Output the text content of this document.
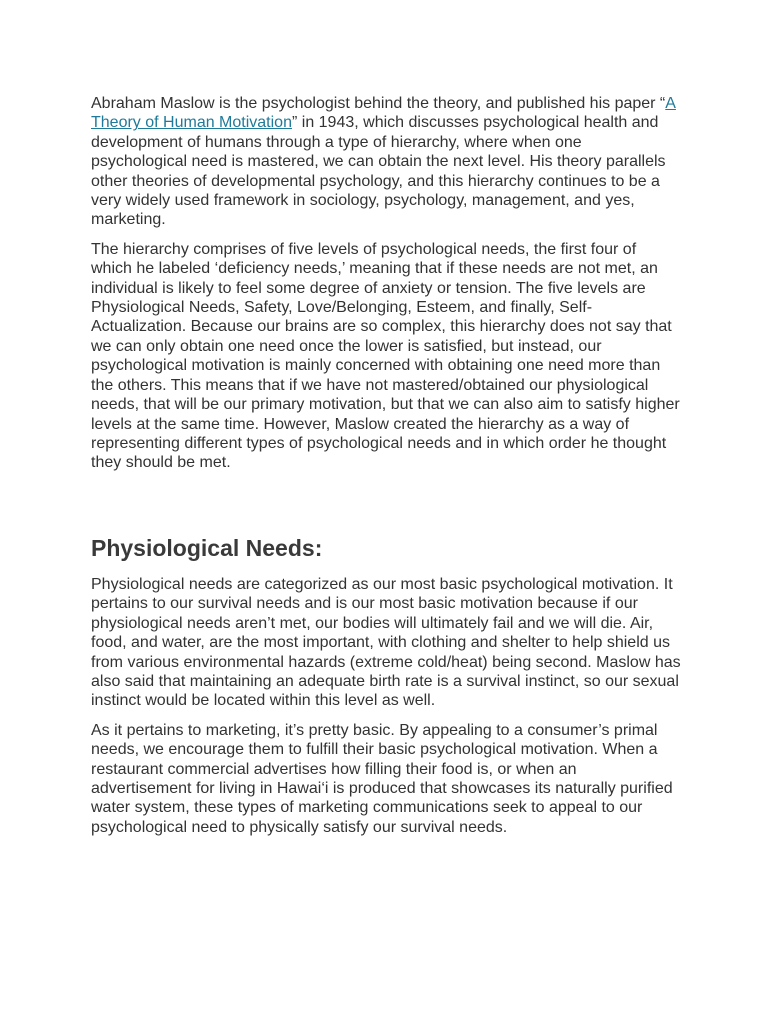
Abraham Maslow is the psychologist behind the theory, and published his paper “A Theory of Human Motivation” in 1943, which discusses psychological health and development of humans through a type of hierarchy, where when one psychological need is mastered, we can obtain the next level. His theory parallels other theories of developmental psychology, and this hierarchy continues to be a very widely used framework in sociology, psychology, management, and yes, marketing.

The hierarchy comprises of five levels of psychological needs, the first four of which he labeled ‘deficiency needs,’ meaning that if these needs are not met, an individual is likely to feel some degree of anxiety or tension. The five levels are Physiological Needs, Safety, Love/Belonging, Esteem, and finally, Self-Actualization. Because our brains are so complex, this hierarchy does not say that we can only obtain one need once the lower is satisfied, but instead, our psychological motivation is mainly concerned with obtaining one need more than the others. This means that if we have not mastered/obtained our physiological needs, that will be our primary motivation, but that we can also aim to satisfy higher levels at the same time. However, Maslow created the hierarchy as a way of representing different types of psychological needs and in which order he thought they should be met.

Physiological Needs:

Physiological needs are categorized as our most basic psychological motivation. It pertains to our survival needs and is our most basic motivation because if our physiological needs aren’t met, our bodies will ultimately fail and we will die. Air, food, and water, are the most important, with clothing and shelter to help shield us from various environmental hazards (extreme cold/heat) being second. Maslow has also said that maintaining an adequate birth rate is a survival instinct, so our sexual instinct would be located within this level as well.

As it pertains to marketing, it’s pretty basic. By appealing to a consumer’s primal needs, we encourage them to fulfill their basic psychological motivation. When a restaurant commercial advertises how filling their food is, or when an advertisement for living in Hawai‘i is produced that showcases its naturally purified water system, these types of marketing communications seek to appeal to our psychological need to physically satisfy our survival needs.
